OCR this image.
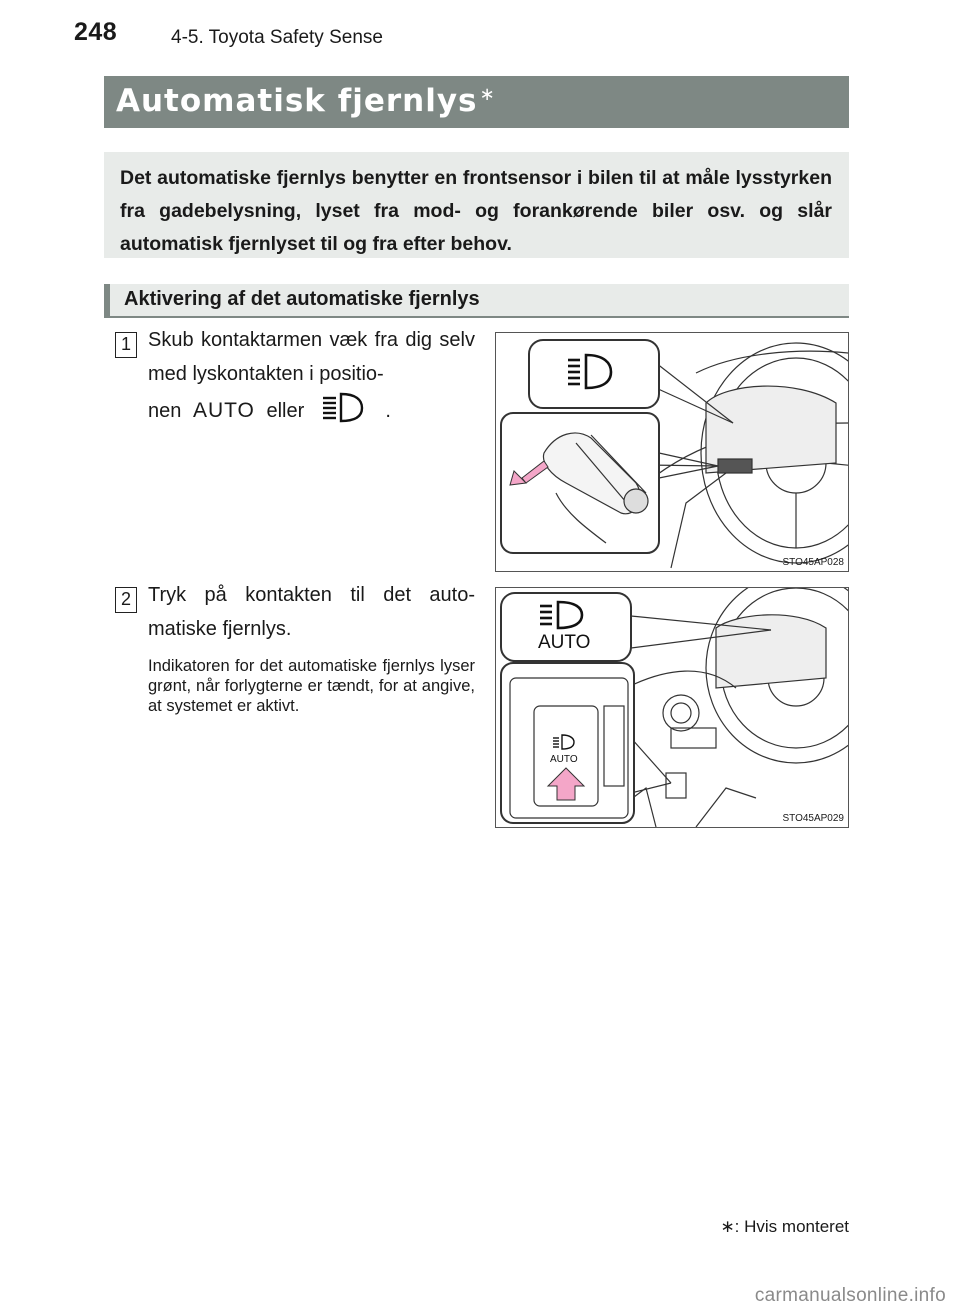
248	4-5. Toyota Safety Sense
Automatisk fjernlys ∗
Det automatiske fjernlys benytter en frontsensor i bilen til at måle lysstyrken fra gadebelysning, lyset fra mod- og forankørende biler osv. og slår automatisk fjernlyset til og fra efter behov.
Aktivering af det automatiske fjernlys
1 Skub kontaktarmen væk fra dig selv med lyskontakten i positio-
nen AUTO eller	.
STO45AP028
2 Tryk på kontakten til det auto-matiske fjernlys.
Indikatoren for det automatiske fjernlys lyser grønt, når forlygterne er tændt, for at angive, at systemet er aktivt.
AUTO
AUTO
STO45AP029
∗: Hvis monteret
carmanualsonline.info
